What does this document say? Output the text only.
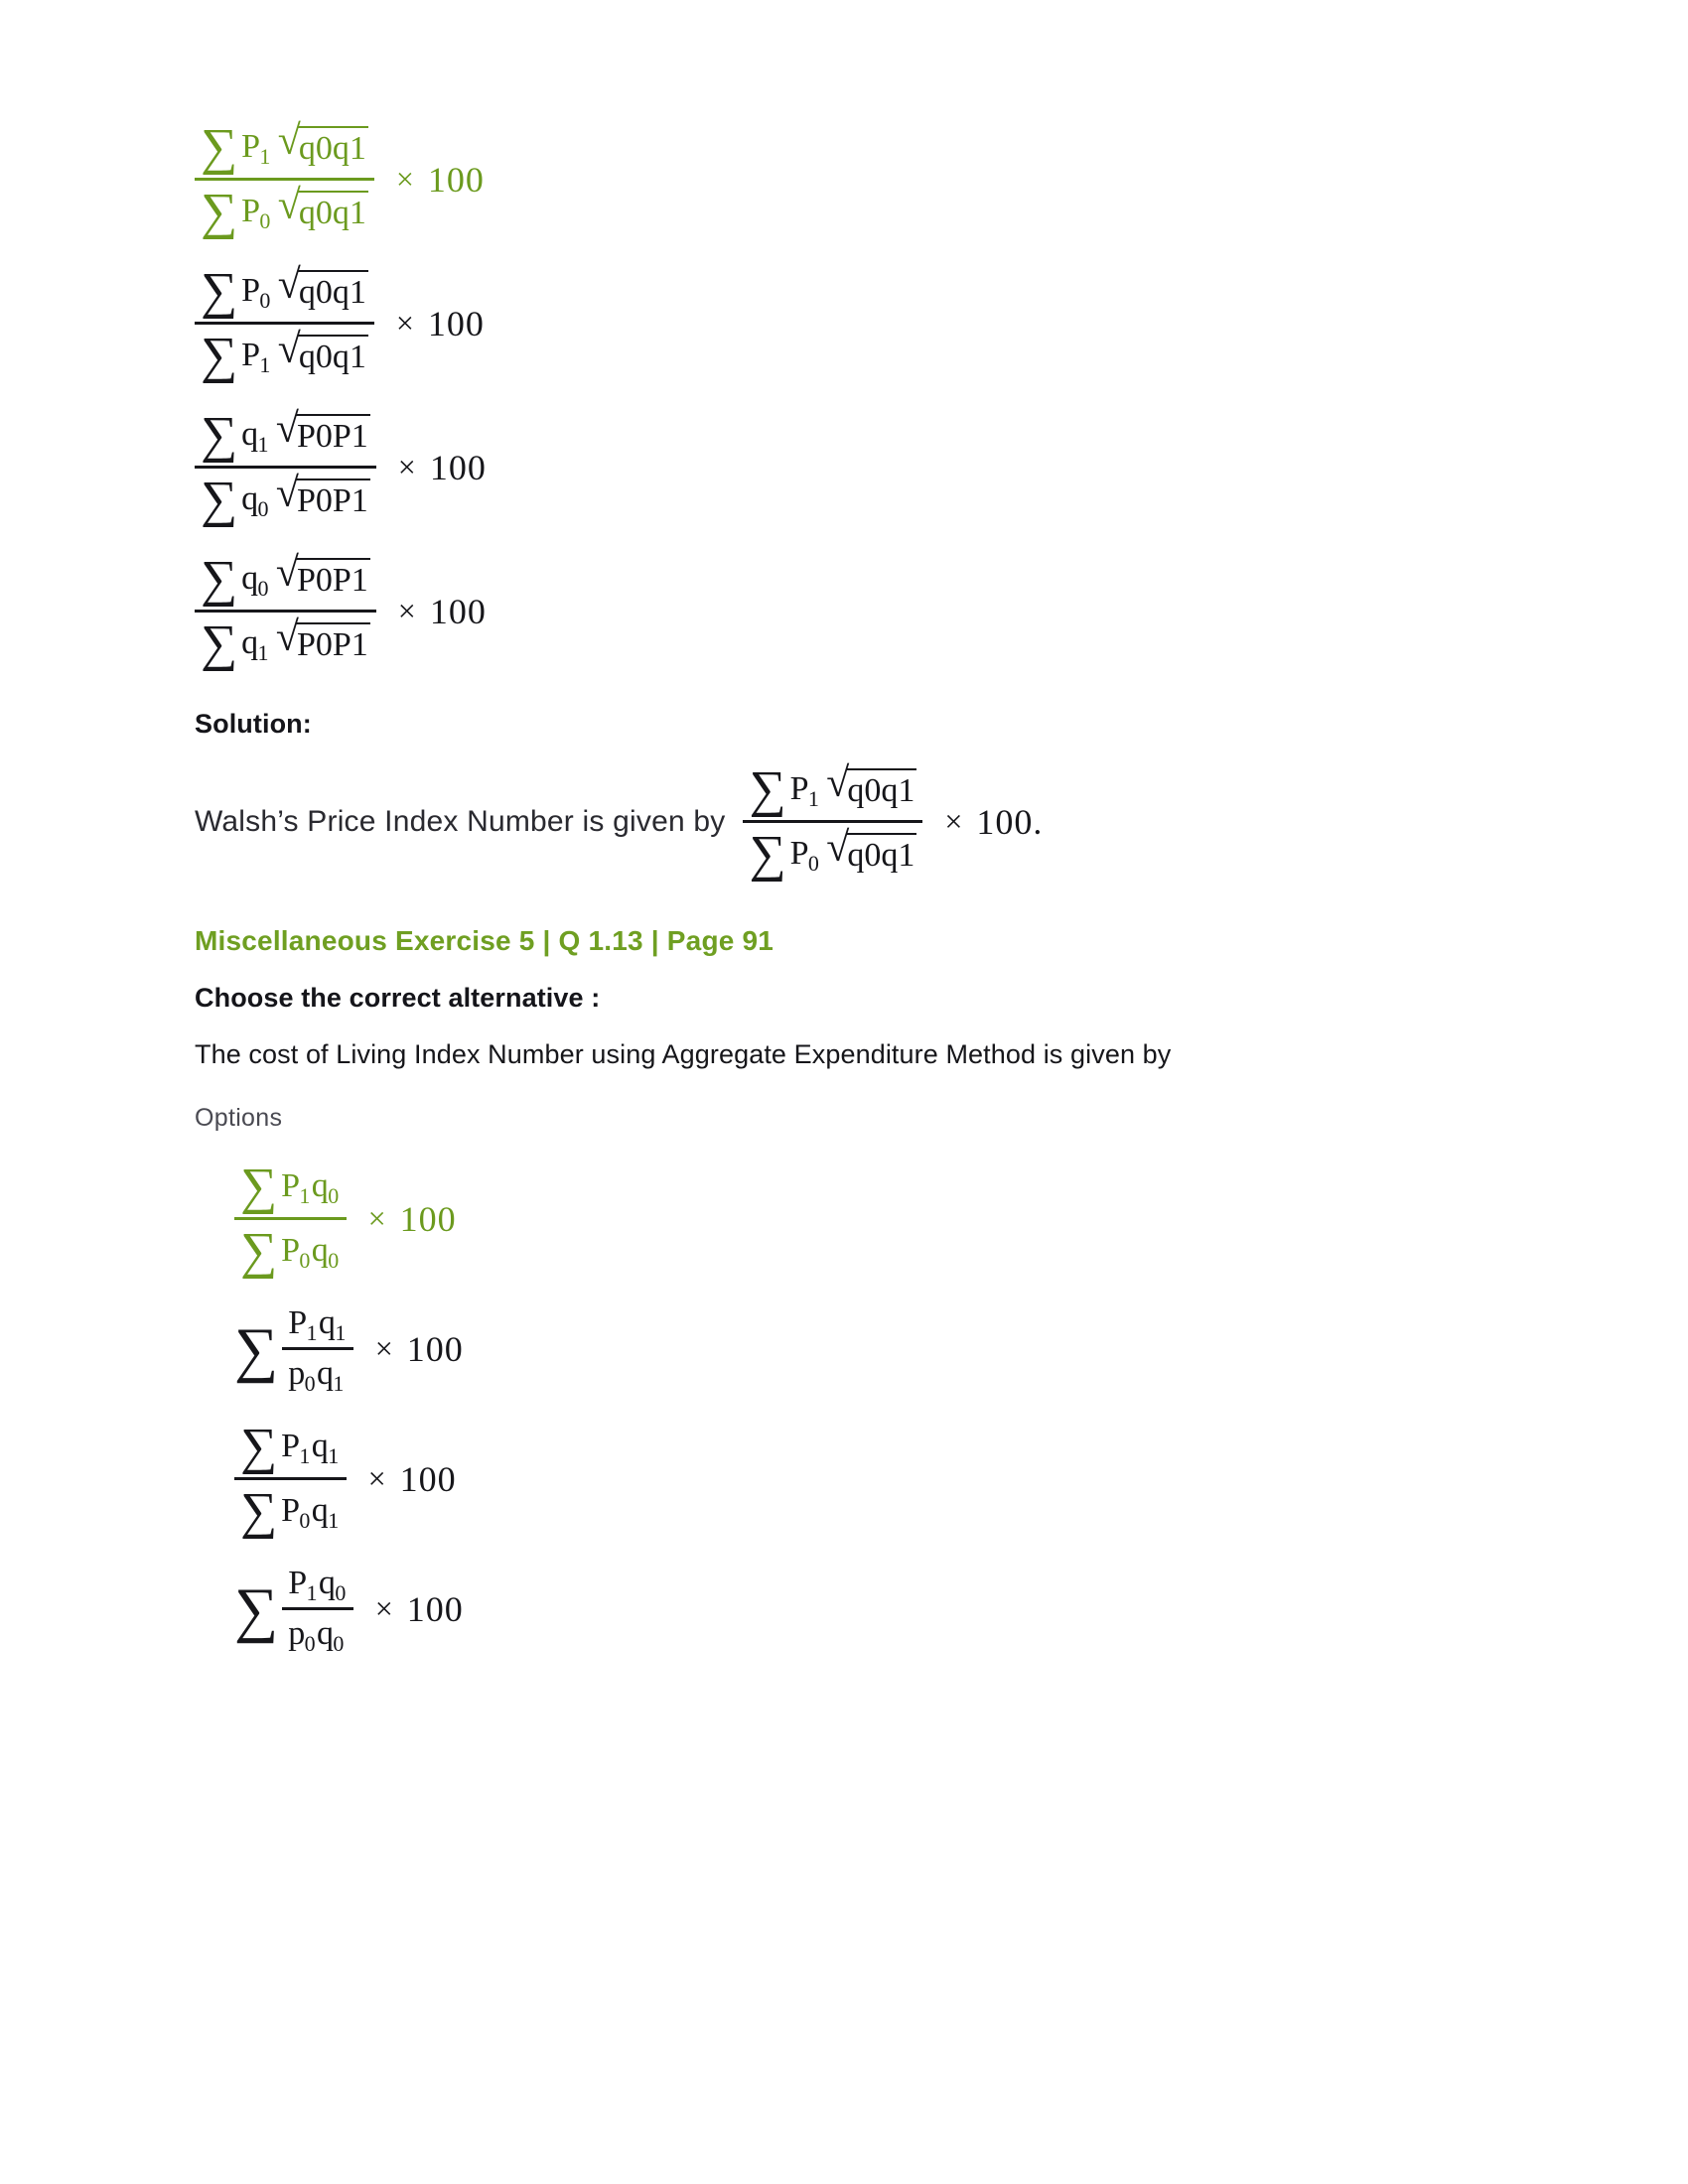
∑ P 1 √
q 0 q 1
∑ P 0 √
q 0 q 1
× 100
∑ P 0 √
q 0 q 1
∑ P 1 √
q 0 q 1
× 100
∑ q 1 √
P 0 P 1
∑ q 0 √
P 0 P 1
× 100
∑ q 0 √
P 0 P 1
∑ q 1 √
P 0 P 1
× 100
Solution:
Walsh’s Price Index Number is given by
∑ P 1 √
q 0 q 1
∑ P 0 √
q 0 q 1
× 100 .
Miscellaneous Exercise 5 | Q 1.13 | Page 91
Choose the correct alternative :
The cost of Living Index Number using Aggregate Expenditure Method is given by
Options
$\frac{\sum P 1 q 0}{\sum P 0 q 0} \times 100$
∑ $\frac{P 1 q 1}{p 0 q 1} \times 100$
$\frac{\sum P 1 q 1}{\sum P 0 q 1} \times 100$
∑ $\frac{P 1 q 0}{p 0 q 0} \times 100$
